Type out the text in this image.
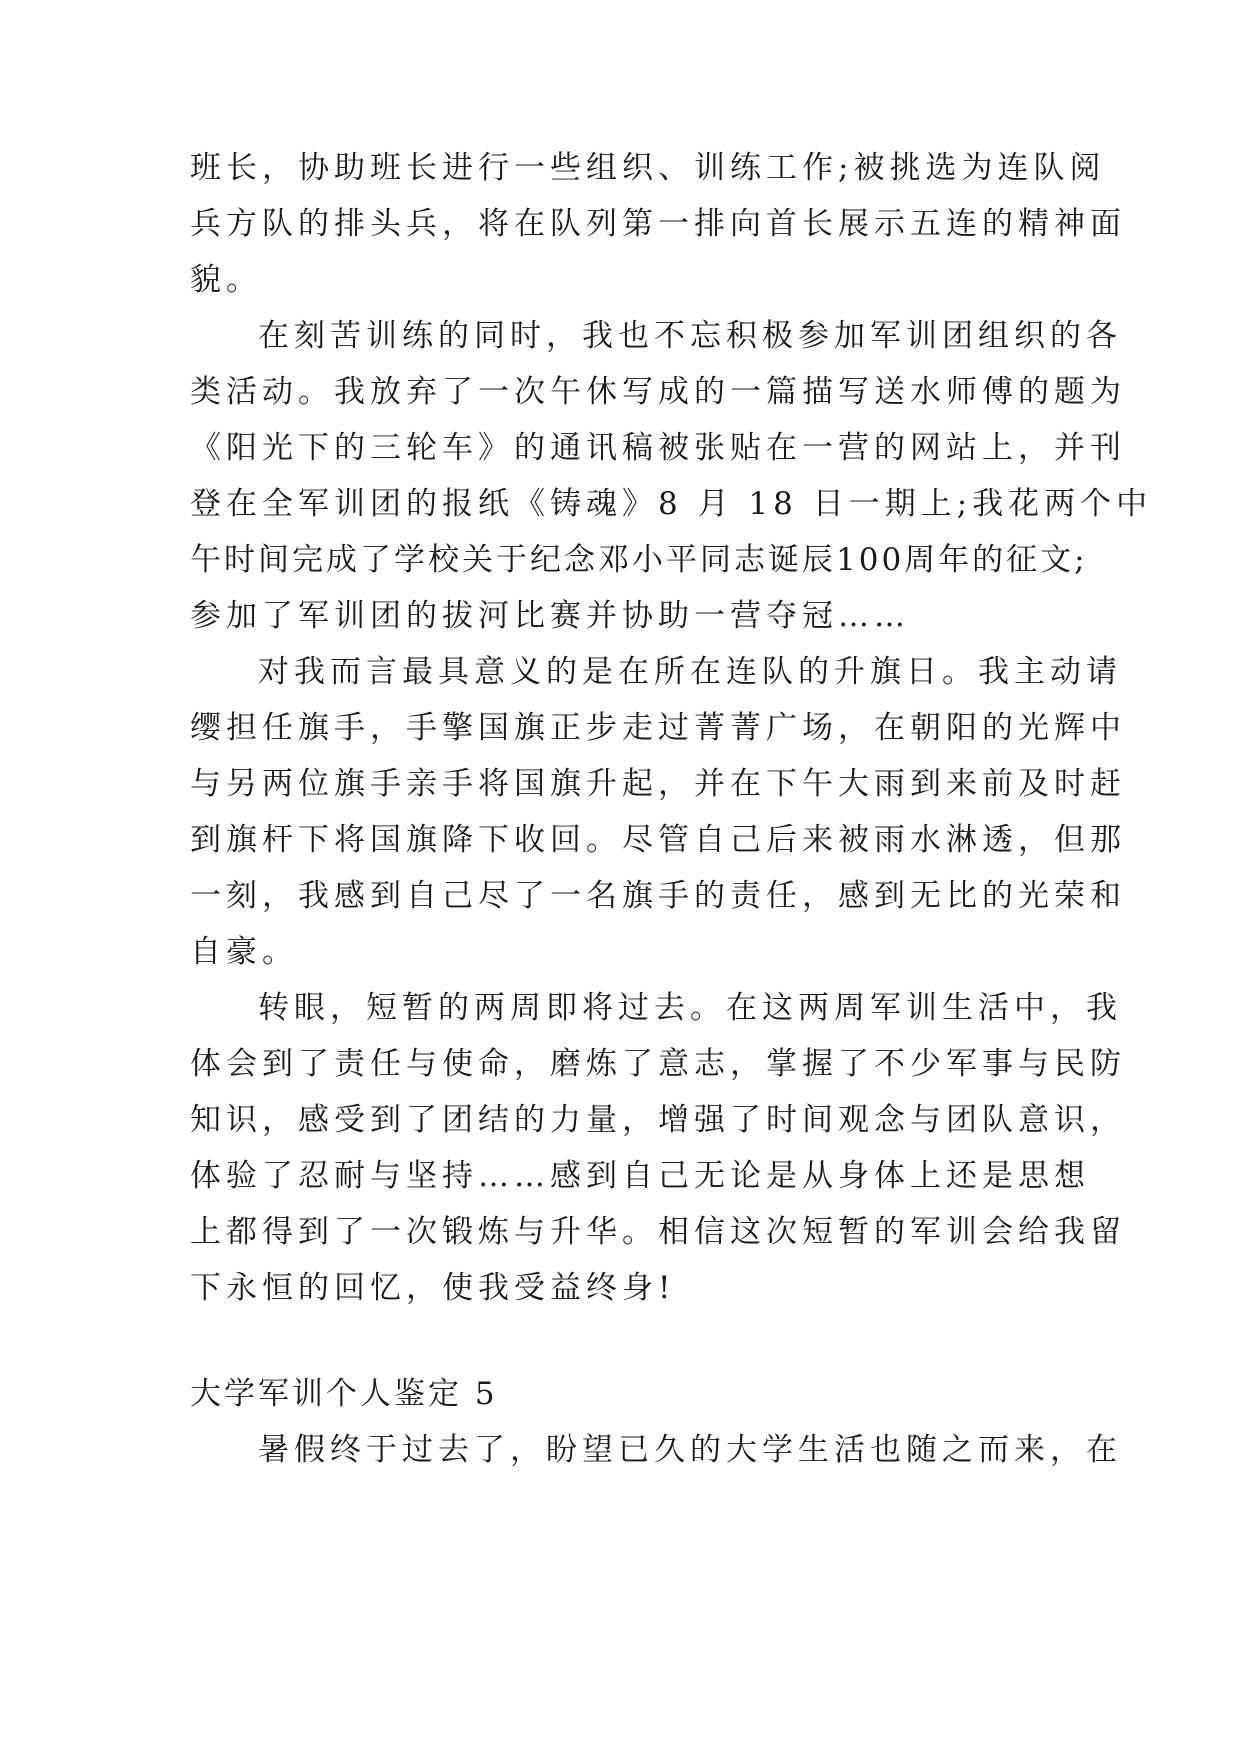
班长，协助班长进行一些组织、训练工作;被挑选为连队阅
兵方队的排头兵，将在队列第一排向首长展示五连的精神面
貌。
在刻苦训练的同时，我也不忘积极参加军训团组织的各
类活动。我放弃了一次午休写成的一篇描写送水师傅的题为
《阳光下的三轮车》的通讯稿被张贴在一营的网站上，并刊
登在全军训团的报纸《铸魂》8 月 18 日一期上;我花两个中
午时间完成了学校关于纪念邓小平同志诞辰100周年的征文;
参加了军训团的拔河比赛并协助一营夺冠……
对我而言最具意义的是在所在连队的升旗日。我主动请
缨担任旗手，手擎国旗正步走过菁菁广场，在朝阳的光辉中
与另两位旗手亲手将国旗升起，并在下午大雨到来前及时赶
到旗杆下将国旗降下收回。尽管自己后来被雨水淋透，但那
一刻，我感到自己尽了一名旗手的责任，感到无比的光荣和
自豪。
转眼，短暂的两周即将过去。在这两周军训生活中，我
体会到了责任与使命，磨炼了意志，掌握了不少军事与民防
知识，感受到了团结的力量，增强了时间观念与团队意识，
体验了忍耐与坚持……感到自己无论是从身体上还是思想
上都得到了一次锻炼与升华。相信这次短暂的军训会给我留
下永恒的回忆，使我受益终身!
大学军训个人鉴定 5
暑假终于过去了，盼望已久的大学生活也随之而来，在
